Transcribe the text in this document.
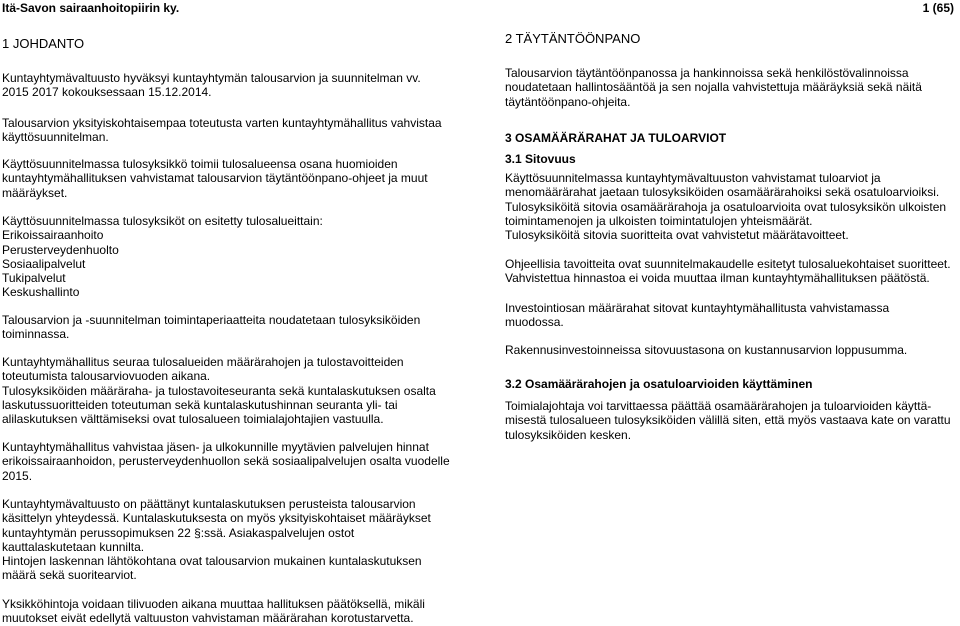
Itä-Savon sairaanhoitopiirin ky.	1 (65)
1 JOHDANTO
Kuntayhtymävaltuusto hyväksyi kuntayhtymän talousarvion ja suunnitelman vv.
2015 2017 kokouksessaan 15.12.2014.
Talousarvion yksityiskohtaisempaa toteutusta varten kuntayhtymähallitus vahvistaa
käyttösuunnitelman.
Käyttösuunnitelmassa tulosyksikkö toimii tulosalueensa osana huomioiden
kuntayhtymähallituksen vahvistamat talousarvion täytäntöönpano-ohjeet ja muut
määräykset.
Käyttösuunnitelmassa tulosyksiköt on esitetty tulosalueittain:
Erikoissairaanhoito
Perusterveydenhuolto
Sosiaalipalvelut
Tukipalvelut
Keskushallinto
Talousarvion ja -suunnitelman toimintaperiaatteita noudatetaan tulosyksiköiden
toiminnassa.
Kuntayhtymähallitus seuraa tulosalueiden määrärahojen ja tulostavoitteiden
toteutumista talousarviovuoden aikana.
Tulosyksiköiden määräraha- ja tulostavoiteseuranta sekä kuntalaskutuksen osalta
laskutussuoritteiden toteutuman sekä kuntalaskutushinnan seuranta yli- tai
alilaskutuksen välttämiseksi ovat tulosalueen toimialajohtajien vastuulla.
Kuntayhtymähallitus vahvistaa jäsen- ja ulkokunnille myytävien palvelujen hinnat
erikoissairaanhoidon, perusterveydenhuollon sekä sosiaalipalvelujen osalta vuodelle
2015.
Kuntayhtymävaltuusto on päättänyt kuntalaskutuksen perusteista talousarvion
käsittelyn yhteydessä. Kuntalaskutuksesta on myös yksityiskohtaiset määräykset
kuntayhtymän perussopimuksen 22 §:ssä. Asiakaspalvelujen ostot
kauttalaskutetaan kunnilta.
Hintojen laskennan lähtökohtana ovat talousarvion mukainen kuntalaskutuksen
määrä sekä suoritearviot.
Yksikköhintoja voidaan tilivuoden aikana muuttaa hallituksen päätöksellä, mikäli
muutokset eivät edellytä valtuuston vahvistaman määrärahan korotustarvetta.
2 TÄYTÄNTÖÖNPANO
Talousarvion täytäntöönpanossa ja hankinnoissa sekä henkilöstövalinnoissa
noudatetaan hallintosääntöä ja sen nojalla vahvistettuja määräyksiä sekä näitä
täytäntöönpano-ohjeita.
3 OSAMÄÄRÄRAHAT JA TULOARVIOT
3.1 Sitovuus
Käyttösuunnitelmassa kuntayhtymävaltuuston vahvistamat tuloarviot ja
menomäärärahat jaetaan tulosyksiköiden osamäärärahoiksi sekä osatuloarvioiksi.
Tulosyksiköitä sitovia osamäärärahoja ja osatuloarvioita ovat tulosyksikön ulkoisten
toimintamenojen ja ulkoisten toimintatulojen yhteismäärät.
Tulosyksiköitä sitovia suoritteita ovat vahvistetut määrätavoitteet.
Ohjeellisia tavoitteita ovat suunnitelmakaudelle esitetyt tulosaluekohtaiset suoritteet.
Vahvistettua hinnastoa ei voida muuttaa ilman kuntayhtymähallituksen päätöstä.
Investointiosan määrärahat sitovat kuntayhtymähallitusta vahvistamassa
muodossa.
Rakennusinvestoinneissa sitovuustasona on kustannusarvion loppusumma.
3.2 Osamäärärahojen ja osatuloarvioiden käyttäminen
Toimialajohtaja voi tarvittaessa päättää osamäärärahojen ja tuloarvioiden käyttä-
misestä tulosalueen tulosyksiköiden välillä siten, että myös vastaava kate on varattu
tulosyksiköiden kesken.
